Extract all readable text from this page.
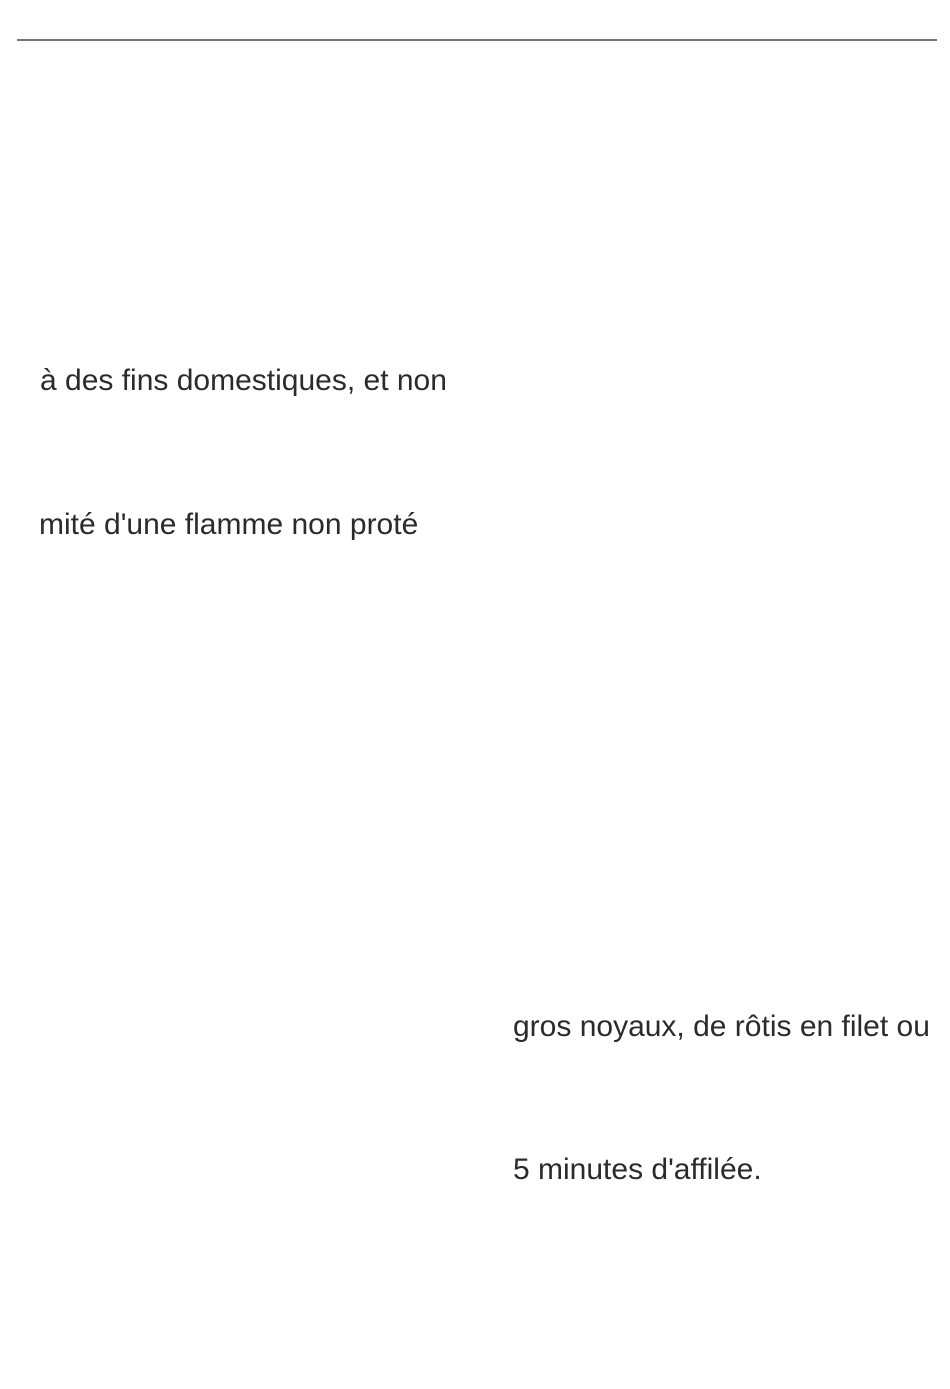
à des fins domestiques, et non
mité d'une flamme non proté
gros noyaux, de rôtis en filet ou
5 minutes d'affilée.
